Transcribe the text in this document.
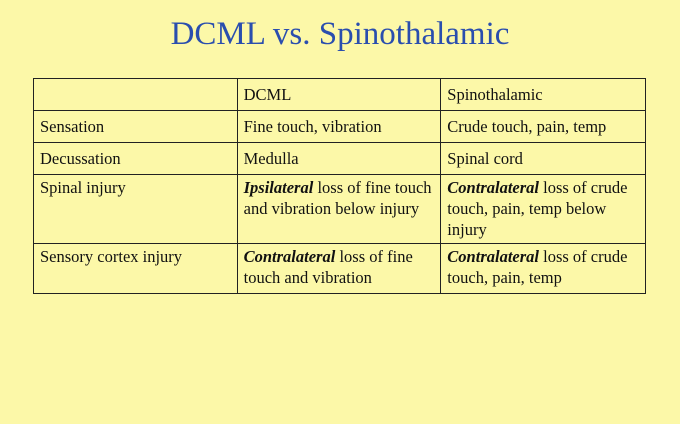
DCML vs. Spinothalamic
	DCML	Spinothalamic
Sensation	Fine touch, vibration	Crude touch, pain, temp
Decussation	Medulla	Spinal cord
Spinal injury	Ipsilateral loss of fine touch and vibration below injury	Contralateral loss of crude touch, pain, temp below injury
Sensory cortex injury	Contralateral loss of fine touch and vibration	Contralateral loss of crude touch, pain, temp
